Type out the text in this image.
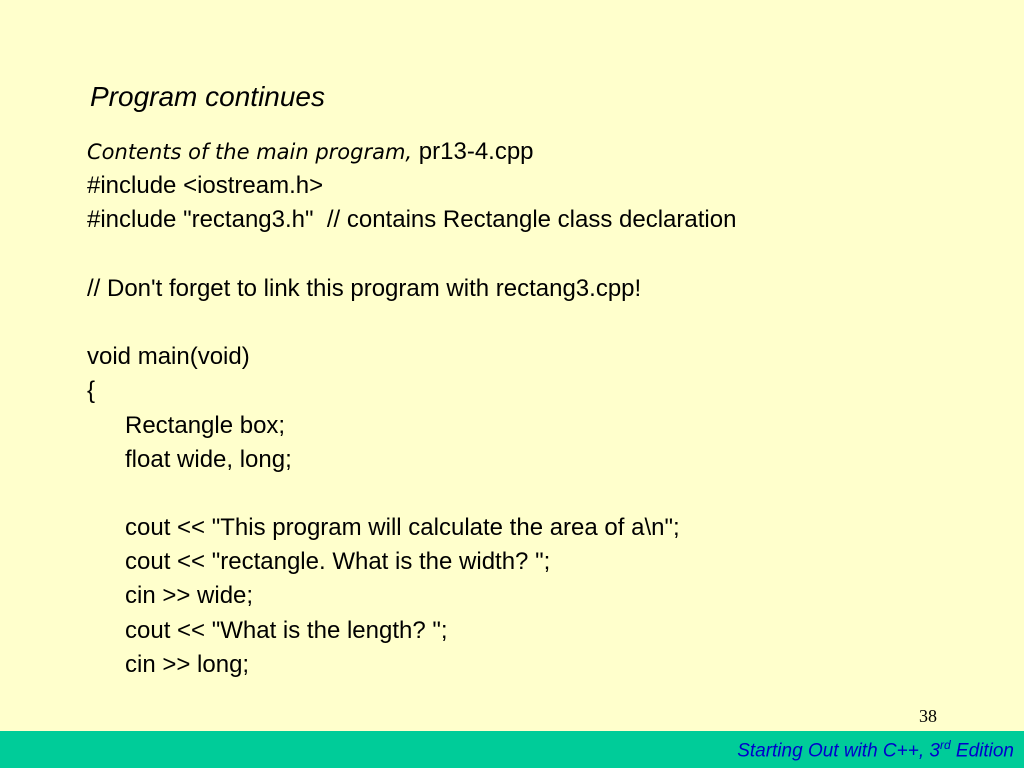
Program continues
Contents of the main program, pr13-4.cpp
#include <iostream.h>
#include "rectang3.h"  // contains Rectangle class declaration
// Don't forget to link this program with rectang3.cpp!
void main(void)
{
Rectangle box;
float wide, long;
cout << "This program will calculate the area of a\n";
cout << "rectangle. What is the width? ";
cin >> wide;
cout << "What is the length? ";
cin >> long;
38
Starting Out with C++, 3rd Edition
